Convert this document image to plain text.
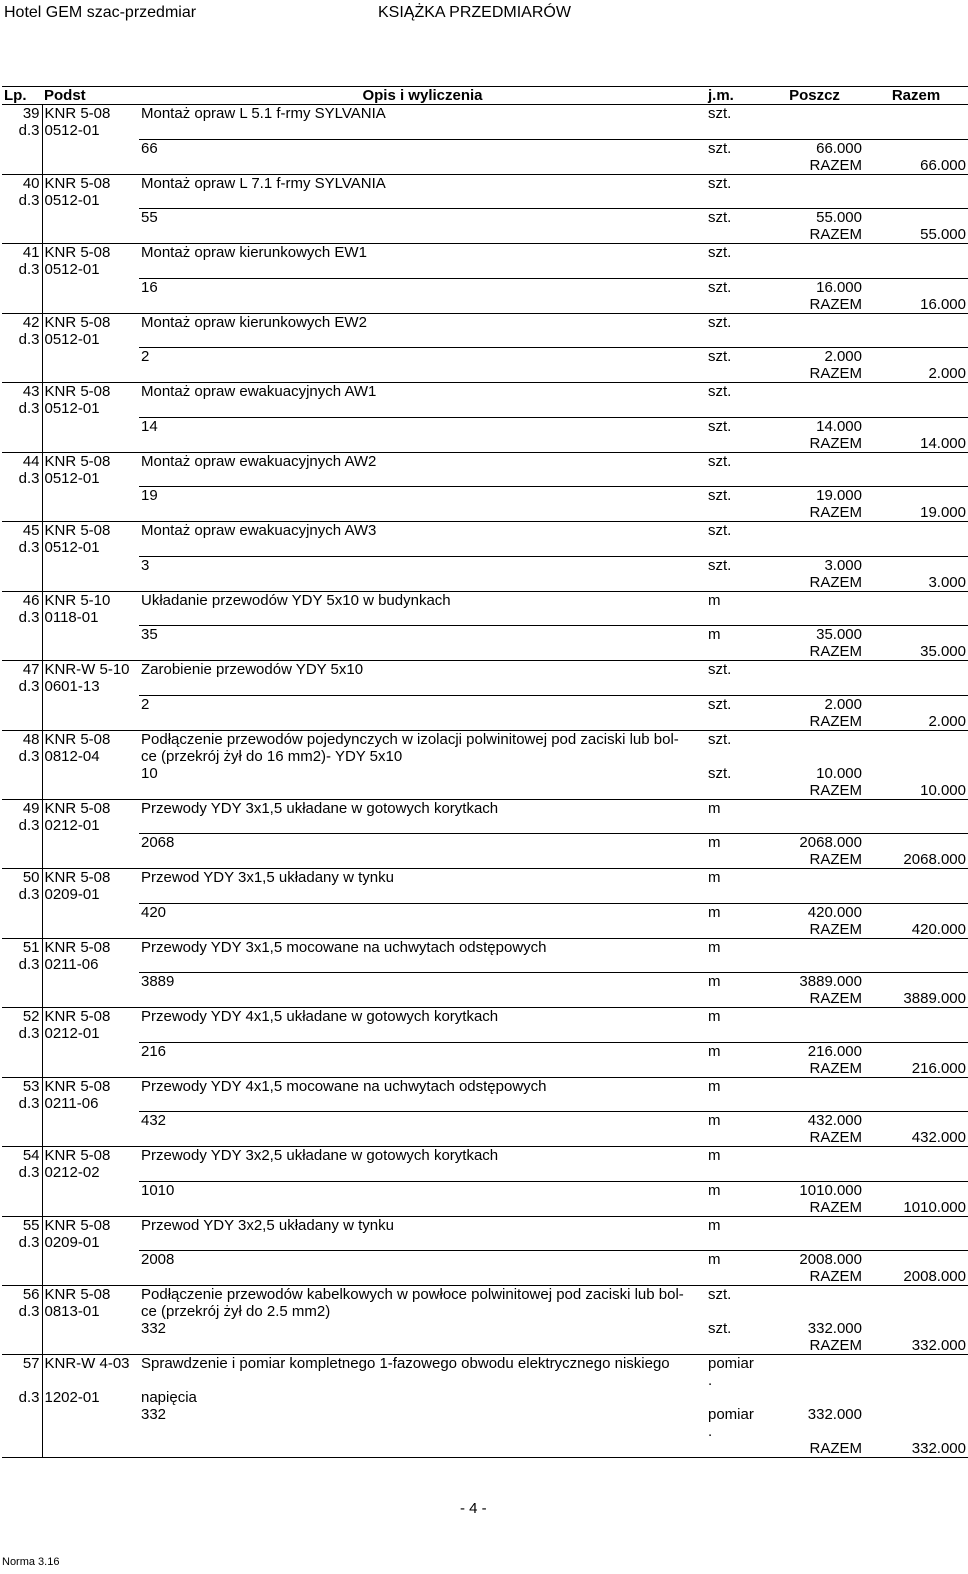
Hotel GEM szac-przedmiar	KSIĄŻKA PRZEDMIARÓW
Lp.	Podst	Opis i wyliczenia	j.m.	Poszcz	Razem
39	KNR 5-08	Montaż opraw L 5.1 f-rmy SYLVANIA	szt.		
d.3	0512-01				
		66	szt.	66.000	
				RAZEM	66.000
40	KNR 5-08	Montaż opraw L 7.1 f-rmy SYLVANIA	szt.		
d.3	0512-01				
		55	szt.	55.000	
				RAZEM	55.000
41	KNR 5-08	Montaż opraw kierunkowych EW1	szt.		
d.3	0512-01				
		16	szt.	16.000	
				RAZEM	16.000
42	KNR 5-08	Montaż opraw kierunkowych EW2	szt.		
d.3	0512-01				
		2	szt.	2.000	
				RAZEM	2.000
43	KNR 5-08	Montaż opraw ewakuacyjnych AW1	szt.		
d.3	0512-01				
		14	szt.	14.000	
				RAZEM	14.000
44	KNR 5-08	Montaż opraw ewakuacyjnych AW2	szt.		
d.3	0512-01				
		19	szt.	19.000	
				RAZEM	19.000
45	KNR 5-08	Montaż opraw ewakuacyjnych AW3	szt.		
d.3	0512-01				
		3	szt.	3.000	
				RAZEM	3.000
46	KNR 5-10	Układanie przewodów YDY 5x10 w budynkach	m		
d.3	0118-01				
		35	m	35.000	
				RAZEM	35.000
47	KNR-W 5-10	Zarobienie przewodów YDY 5x10	szt.		
d.3	0601-13				
		2	szt.	2.000	
				RAZEM	2.000
48	KNR 5-08	Podłączenie przewodów pojedynczych w izolacji polwinitowej pod zaciski lub bol-	szt.		
d.3	0812-04	ce (przekrój żył do 16 mm2)- YDY 5x10			
		10	szt.	10.000	
				RAZEM	10.000
49	KNR 5-08	Przewody YDY 3x1,5 układane w gotowych korytkach	m		
d.3	0212-01				
		2068	m	2068.000	
				RAZEM	2068.000
50	KNR 5-08	Przewod YDY 3x1,5 układany w tynku	m		
d.3	0209-01				
		420	m	420.000	
				RAZEM	420.000
51	KNR 5-08	Przewody YDY 3x1,5 mocowane na uchwytach odstępowych	m		
d.3	0211-06				
		3889	m	3889.000	
				RAZEM	3889.000
52	KNR 5-08	Przewody YDY 4x1,5 układane w gotowych korytkach	m		
d.3	0212-01				
		216	m	216.000	
				RAZEM	216.000
53	KNR 5-08	Przewody YDY 4x1,5 mocowane na uchwytach odstępowych	m		
d.3	0211-06				
		432	m	432.000	
				RAZEM	432.000
54	KNR 5-08	Przewody YDY 3x2,5 układane w gotowych korytkach	m		
d.3	0212-02				
		1010	m	1010.000	
				RAZEM	1010.000
55	KNR 5-08	Przewod YDY 3x2,5 układany w tynku	m		
d.3	0209-01				
		2008	m	2008.000	
				RAZEM	2008.000
56	KNR 5-08	Podłączenie przewodów kabelkowych w powłoce polwinitowej pod zaciski lub bol-	szt.		
d.3	0813-01	ce (przekrój żył do 2.5 mm2)			
		332	szt.	332.000	
				RAZEM	332.000
57	KNR-W 4-03	Sprawdzenie i pomiar kompletnego 1-fazowego obwodu elektrycznego niskiego	pomiar
.		
d.3	1202-01	napięcia			
		332	pomiar	332.000	
			.		
				RAZEM	332.000
- 4 -
Norma 3.16
